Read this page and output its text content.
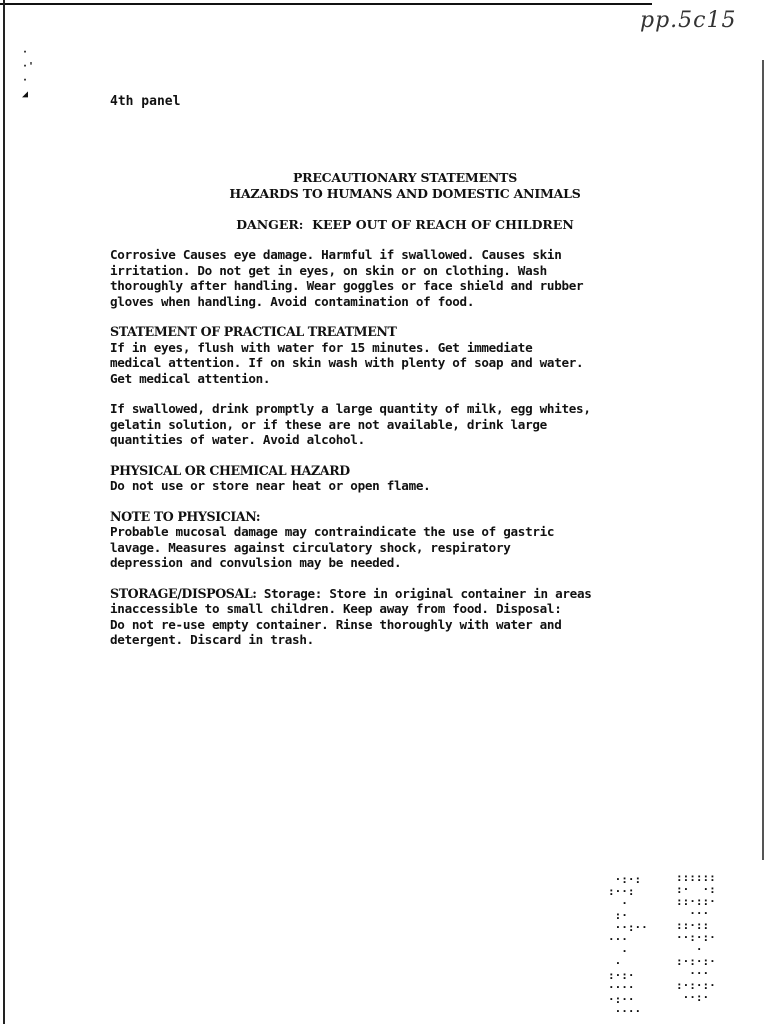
pp.5c15
·
·'
·
◢	4th panel
PRECAUTIONARY STATEMENTS
HAZARDS TO HUMANS AND DOMESTIC ANIMALS
DANGER: KEEP OUT OF REACH OF CHILDREN
Corrosive Causes eye damage. Harmful if swallowed. Causes skin
irritation. Do not get in eyes, on skin or on clothing. Wash
thoroughly after handling. Wear goggles or face shield and rubber
gloves when handling. Avoid contamination of food.
STATEMENT OF PRACTICAL TREATMENT
If in eyes, flush with water for 15 minutes. Get immediate
medical attention. If on skin wash with plenty of soap and water.
Get medical attention.
If swallowed, drink promptly a large quantity of milk, egg whites,
gelatin solution, or if these are not available, drink large
quantities of water. Avoid alcohol.
PHYSICAL OR CHEMICAL HAZARD
Do not use or store near heat or open flame.
NOTE TO PHYSICIAN:
Probable mucosal damage may contraindicate the use of gastric
lavage. Measures against circulatory shock, respiratory
depression and convulsion may be needed.
STORAGE/DISPOSAL: Storage: Store in original container in areas
inaccessible to small children. Keep away from food. Disposal:
Do not re-use empty container. Rinse thoroughly with water and
detergent. Discard in trash.

·:·:
:··:
·
:·
··:··
···
·
·
:·:·
····
·:··
····

::::::
:·  ·:
::·::·
···
::·::
··:·:·
·
:·:·:·
···
:·:·:·
··:·
